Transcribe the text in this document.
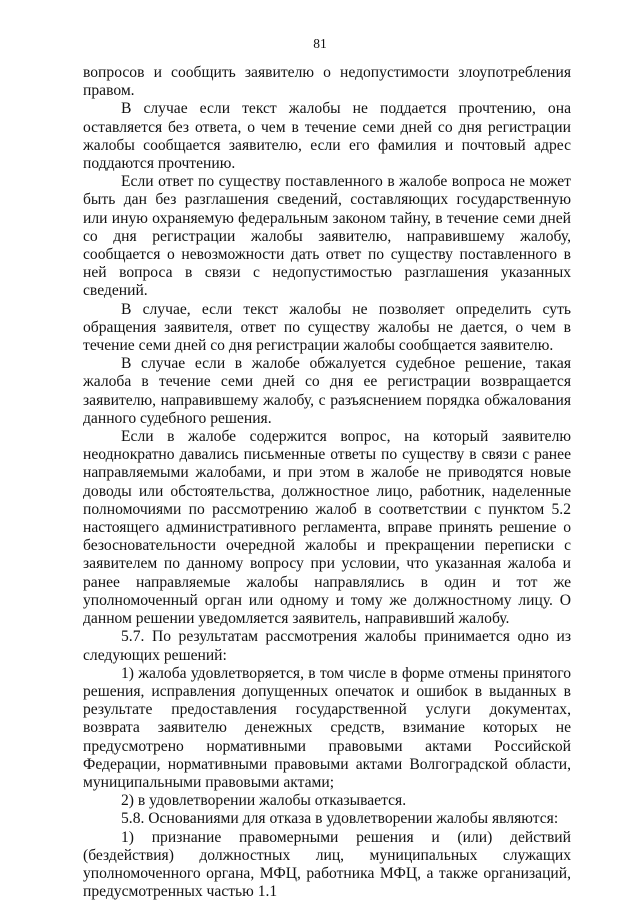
81

вопросов и сообщить заявителю о недопустимости злоупотребления правом.

В случае если текст жалобы не поддается прочтению, она оставляется без ответа, о чем в течение семи дней со дня регистрации жалобы сообщается заявителю, если его фамилия и почтовый адрес поддаются прочтению.

Если ответ по существу поставленного в жалобе вопроса не может быть дан без разглашения сведений, составляющих государственную или иную охраняемую федеральным законом тайну, в течение семи дней со дня регистрации жалобы заявителю, направившему жалобу, сообщается о невозможности дать ответ по существу поставленного в ней вопроса в связи с недопустимостью разглашения указанных сведений.

В случае, если текст жалобы не позволяет определить суть обращения заявителя, ответ по существу жалобы не дается, о чем в течение семи дней со дня регистрации жалобы сообщается заявителю.

В случае если в жалобе обжалуется судебное решение, такая жалоба в течение семи дней со дня ее регистрации возвращается заявителю, направившему жалобу, с разъяснением порядка обжалования данного судебного решения.

Если в жалобе содержится вопрос, на который заявителю неоднократно давались письменные ответы по существу в связи с ранее направляемыми жалобами, и при этом в жалобе не приводятся новые доводы или обстоятельства, должностное лицо, работник, наделенные полномочиями по рассмотрению жалоб в соответствии с пунктом 5.2 настоящего административного регламента, вправе принять решение о безосновательности очередной жалобы и прекращении переписки с заявителем по данному вопросу при условии, что указанная жалоба и ранее направляемые жалобы направлялись в один и тот же уполномоченный орган или одному и тому же должностному лицу. О данном решении уведомляется заявитель, направивший жалобу.

5.7. По результатам рассмотрения жалобы принимается одно из следующих решений:

1) жалоба удовлетворяется, в том числе в форме отмены принятого решения, исправления допущенных опечаток и ошибок в выданных в результате предоставления государственной услуги документах, возврата заявителю денежных средств, взимание которых не предусмотрено нормативными правовыми актами Российской Федерации, нормативными правовыми актами Волгоградской области, муниципальными правовыми актами;

2) в удовлетворении жалобы отказывается.

5.8. Основаниями для отказа в удовлетворении жалобы являются:

1) признание правомерными решения и (или) действий (бездействия) должностных лиц, муниципальных служащих уполномоченного органа, МФЦ, работника МФЦ, а также организаций, предусмотренных частью 1.1
